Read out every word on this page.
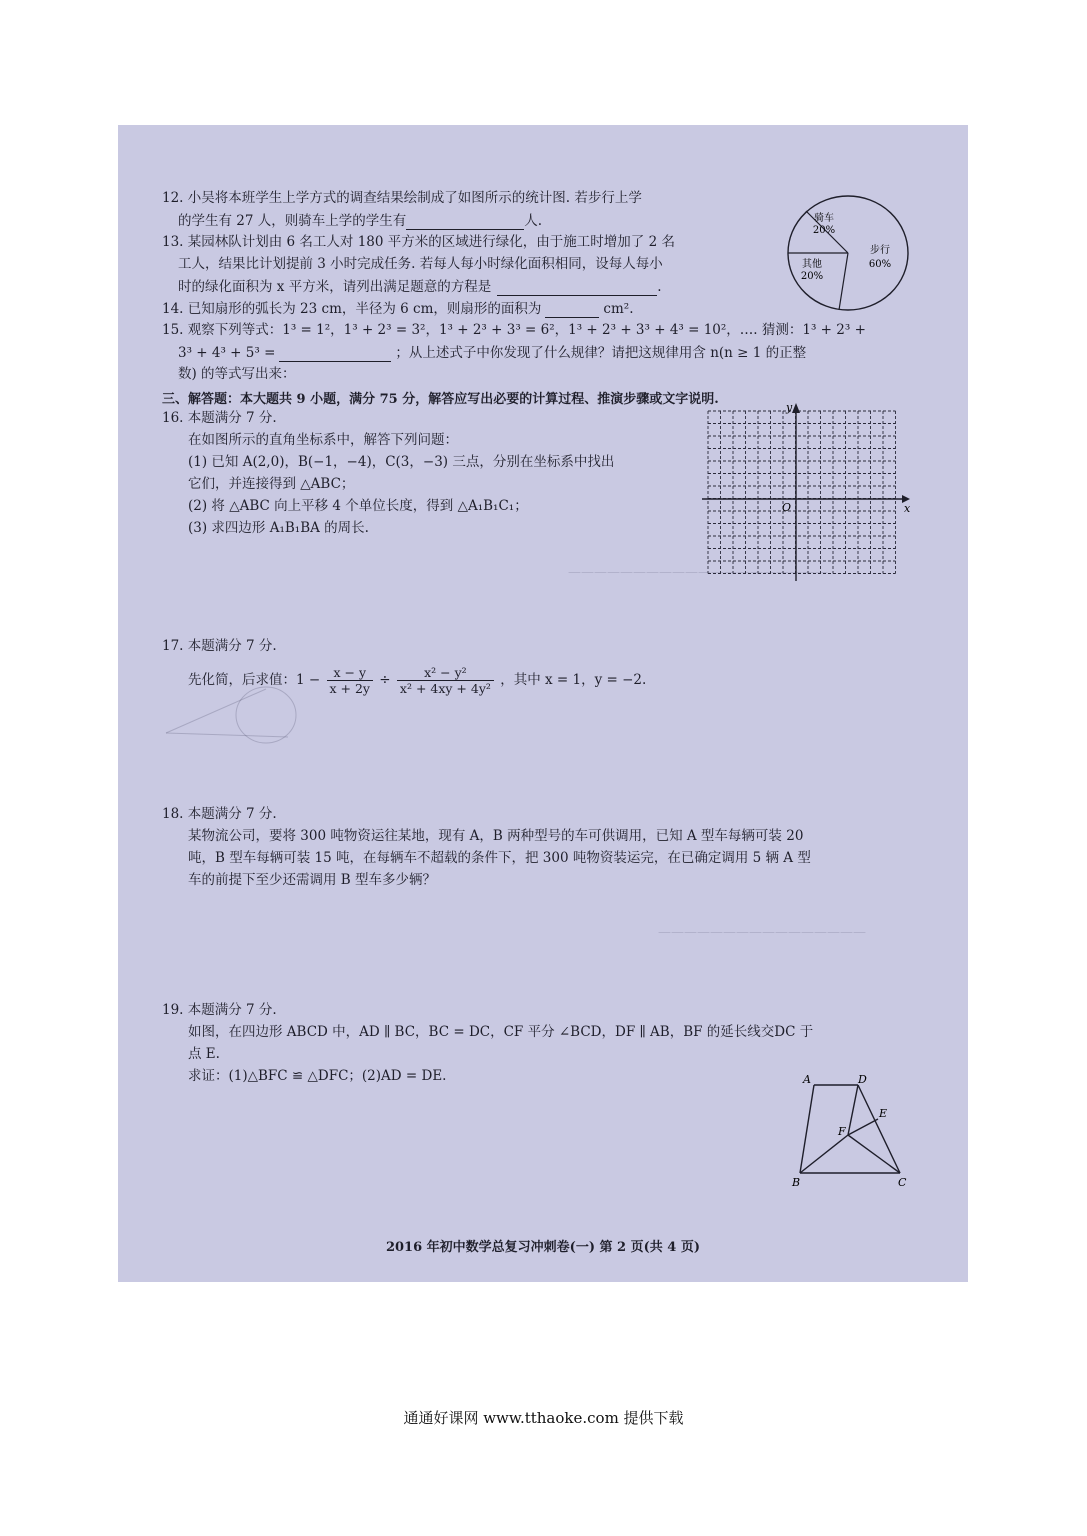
————————————————————
————————————————
12. 小吴将本班学生上学方式的调查结果绘制成了如图所示的统计图. 若步行上学
的学生有 27 人，则骑车上学的学生有	人.
13. 某园林队计划由 6 名工人对 180 平方米的区域进行绿化，由于施工时增加了 2 名
工人，结果比计划提前 3 小时完成任务. 若每人每小时绿化面积相同，设每人每小
时的绿化面积为 x 平方米，请列出满足题意的方程是	.
骑车
20%
其他
20%
步行
60%
14. 已知扇形的弧长为 23 cm，半径为 6 cm，则扇形的面积为	cm².
15. 观察下列等式：1³ = 1²，1³ + 2³ = 3²，1³ + 2³ + 3³ = 6²，1³ + 2³ + 3³ + 4³ = 10²，…. 猜测：1³ + 2³ +
3³ + 4³ + 5³ =	；从上述式子中你发现了什么规律？请把这规律用含 n(n ≥ 1 的正整
数) 的等式写出来：
三、解答题：本大题共 9 小题，满分 75 分，解答应写出必要的计算过程、推演步骤或文字说明.
16. 本题满分 7 分.
在如图所示的直角坐标系中，解答下列问题：
(1) 已知 A(2,0)，B(−1，−4)，C(3，−3) 三点，分别在坐标系中找出
它们，并连接得到 △ABC；
(2) 将 △ABC 向上平移 4 个单位长度，得到 △A₁B₁C₁；
(3) 求四边形 A₁B₁BA 的周长.
x
y
O
17. 本题满分 7 分.
先化简，后求值：$1 - \frac{x - y}{x + 2y} \div \frac{\text{x² − y²}}{\text{x² + 4xy + 4y²}}$ ，其中 x = 1，y = −2.
18. 本题满分 7 分.
某物流公司，要将 300 吨物资运往某地，现有 A，B 两种型号的车可供调用，已知 A 型车每辆可装 20
吨，B 型车每辆可装 15 吨，在每辆车不超载的条件下，把 300 吨物资装运完，在已确定调用 5 辆 A 型
车的前提下至少还需调用 B 型车多少辆？
19. 本题满分 7 分.
如图，在四边形 ABCD 中，AD ∥ BC，BC = DC，CF 平分 ∠BCD，DF ∥ AB，BF 的延长线交DC 于
点 E.
求证：(1)△BFC ≌ △DFC；(2)AD = DE.	A	D
E
F
B	C
2016 年初中数学总复习冲刺卷(一) 第 2 页(共 4 页)
通通好课网 www.tthaoke.com 提供下载
